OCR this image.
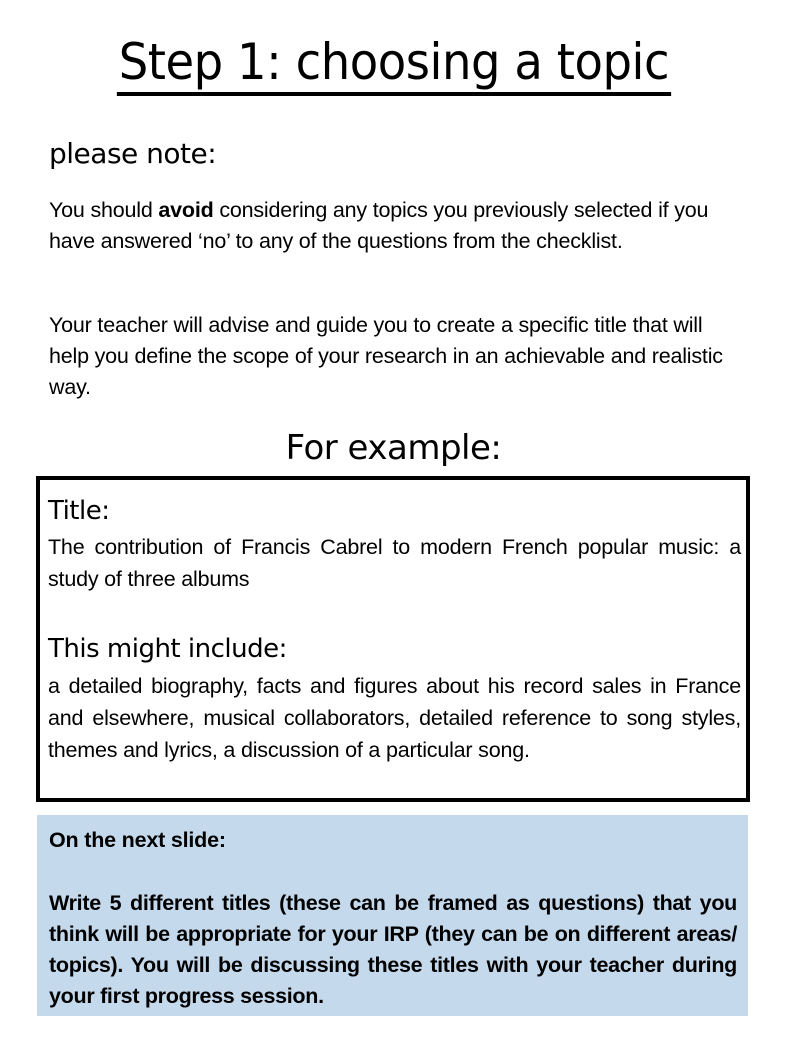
Step 1: choosing a topic
please note:

You should avoid considering any topics you previously selected if you have answered ‘no’ to any of the questions from the checklist.

Your teacher will advise and guide you to create a specific title that will help you define the scope of your research in an achievable and realistic way.

For example:
Title:

The contribution of Francis Cabrel to modern French popular music: a study of three albums

This might include:

a detailed biography, facts and figures about his record sales in France and elsewhere, musical collaborators, detailed reference to song styles, themes and lyrics, a discussion of a particular song.

On the next slide:

Write 5 different titles (these can be framed as questions) that you think will be appropriate for your IRP (they can be on different areas/ topics). You will be discussing these titles with your teacher during your first progress session.
